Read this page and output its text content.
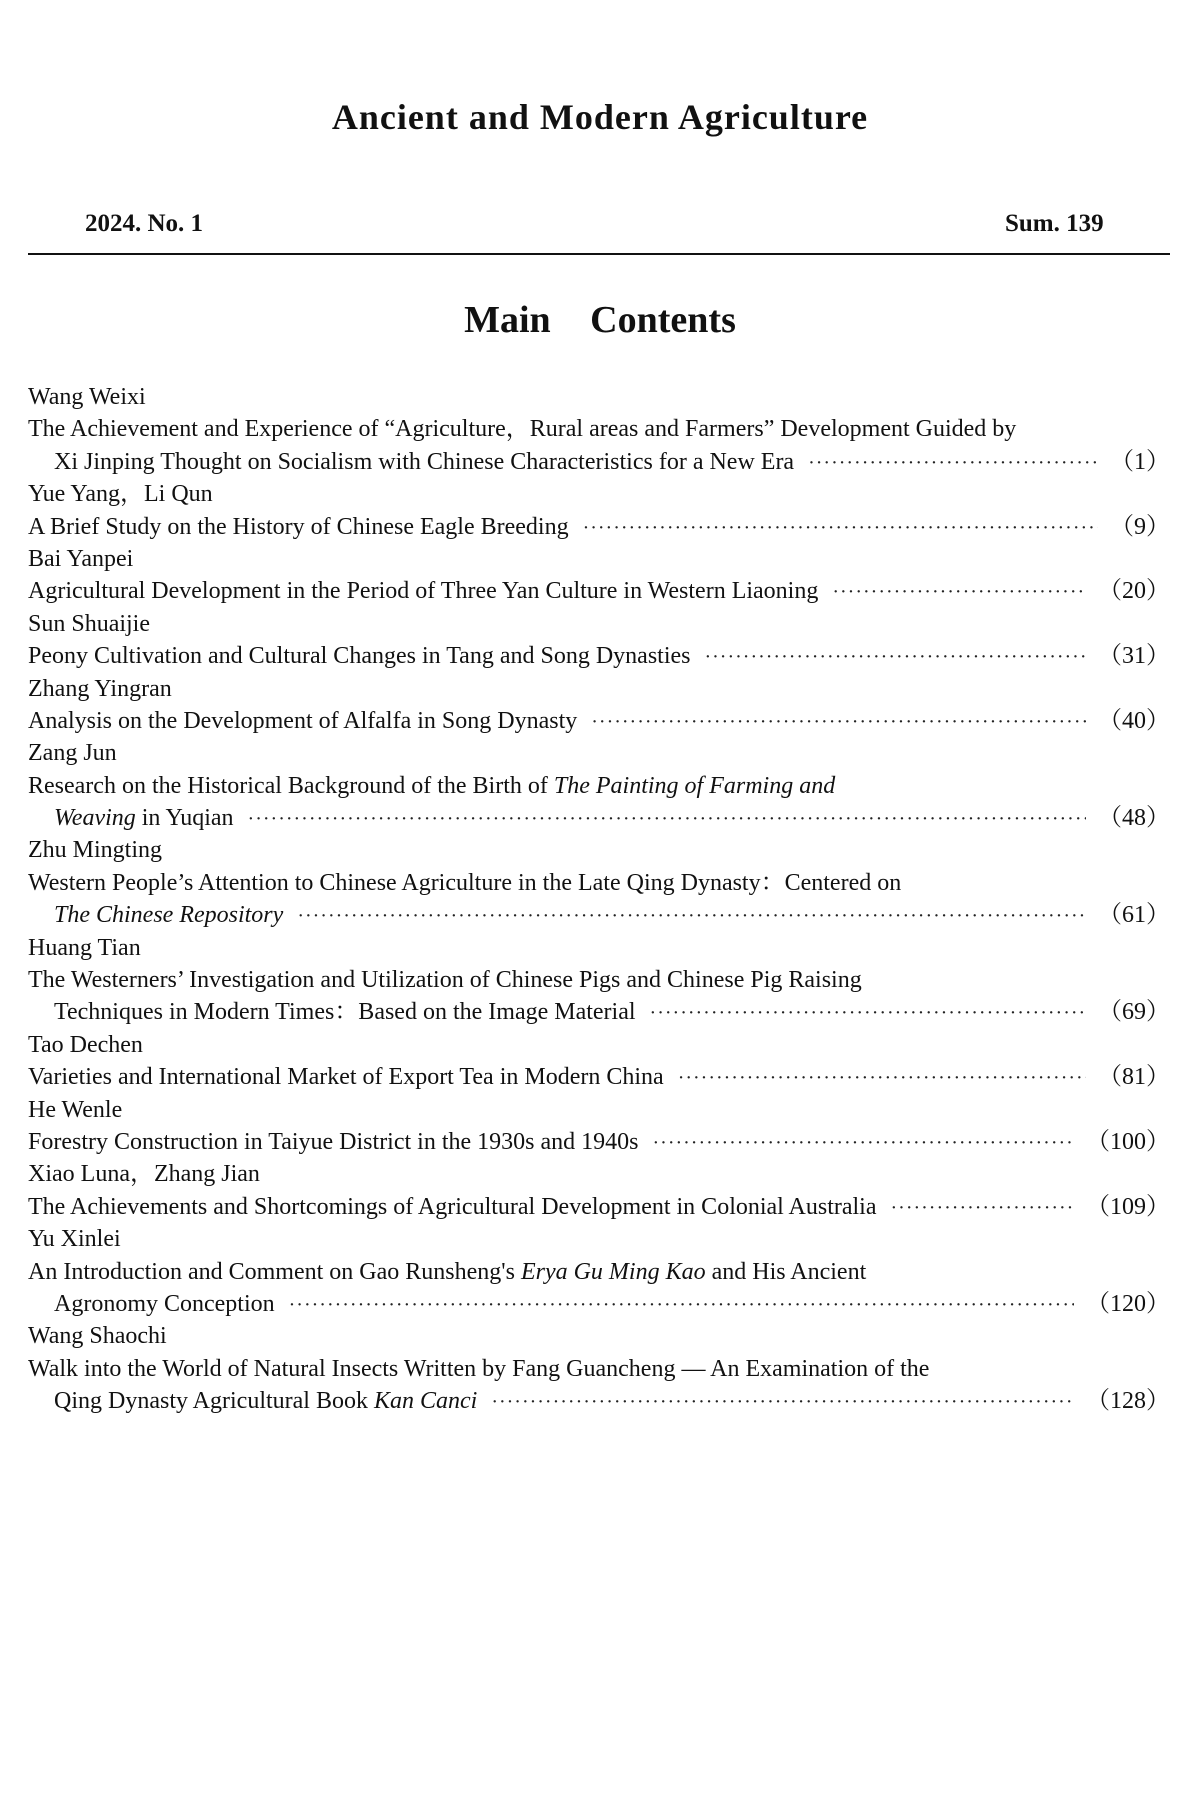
Ancient and Modern Agriculture
2024. No. 1	Sum. 139
Main Contents
Wang Weixi
The Achievement and Experience of “Agriculture，Rural areas and Farmers” Development Guided by
Xi Jinping Thought on Socialism with Chinese Characteristics for a New Era ·····	（1）
Yue Yang，Li Qun
A Brief Study on the History of Chinese Eagle Breeding ·····	（9）
Bai Yanpei
Agricultural Development in the Period of Three Yan Culture in Western Liaoning ·····	（20）
Sun Shuaijie
Peony Cultivation and Cultural Changes in Tang and Song Dynasties ·····	（31）
Zhang Yingran
Analysis on the Development of Alfalfa in Song Dynasty ·····	（40）
Zang Jun
Research on the Historical Background of the Birth of The Painting of Farming and
Weaving in Yuqian ·····	（48）
Zhu Mingting
Western People’s Attention to Chinese Agriculture in the Late Qing Dynasty：Centered on
The Chinese Repository ·····	（61）
Huang Tian
The Westerners’ Investigation and Utilization of Chinese Pigs and Chinese Pig Raising
Techniques in Modern Times：Based on the Image Material ·····	（69）
Tao Dechen
Varieties and International Market of Export Tea in Modern China ·····	（81）
He Wenle
Forestry Construction in Taiyue District in the 1930s and 1940s ·····	（100）
Xiao Luna，Zhang Jian
The Achievements and Shortcomings of Agricultural Development in Colonial Australia ·····	（109）
Yu Xinlei
An Introduction and Comment on Gao Runsheng's Erya Gu Ming Kao and His Ancient
Agronomy Conception ·····	（120）
Wang Shaochi
Walk into the World of Natural Insects Written by Fang Guancheng — An Examination of the
Qing Dynasty Agricultural Book Kan Canci ·····	（128）
